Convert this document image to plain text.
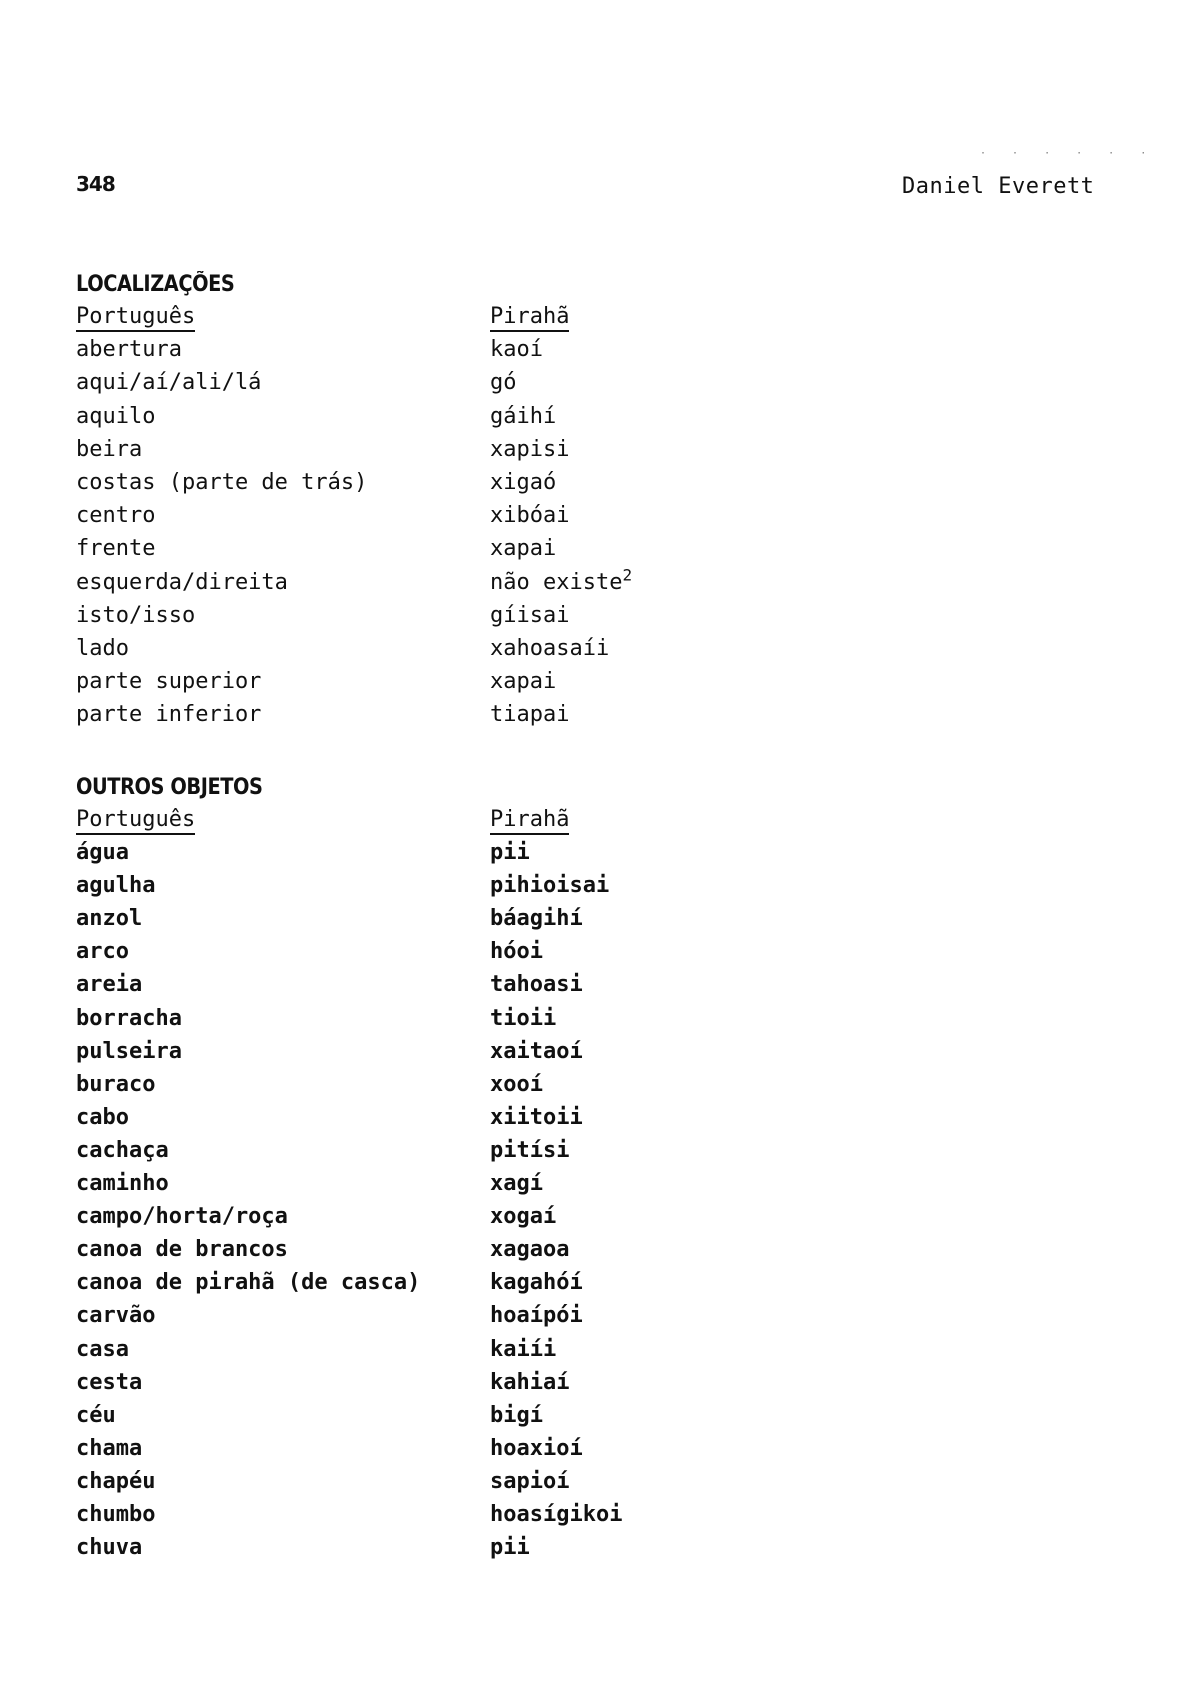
· · · · · ·
348	Daniel Everett
LOCALIZAÇÕES
Português	Pirahã
abertura	kaoí
aqui/aí/ali/lá	gó
aquilo	gáihí
beira	xapisi
costas (parte de trás)	xigaó
centro	xibóai
frente	xapai
esquerda/direita	não existe$^2$
isto/isso	gíisai
lado	xahoasaíi
parte superior	xapai
parte inferior	tiapai
OUTROS OBJETOS
Português	Pirahã
água	pii
agulha	pihioisai
anzol	báagihí
arco	hóoi
areia	tahoasi
borracha	tioii
pulseira	xaitaoí
buraco	xooí
cabo	xiitoii
cachaça	pitísi
caminho	xagí
campo/horta/roça	xogaí
canoa de brancos	xagaoa
canoa de pirahã (de casca)	kagahóí
carvão	hoaípói
casa	kaiíi
cesta	kahiaí
céu	bigí
chama	hoaxioí
chapéu	sapioí
chumbo	hoasígikoi
chuva	pii
